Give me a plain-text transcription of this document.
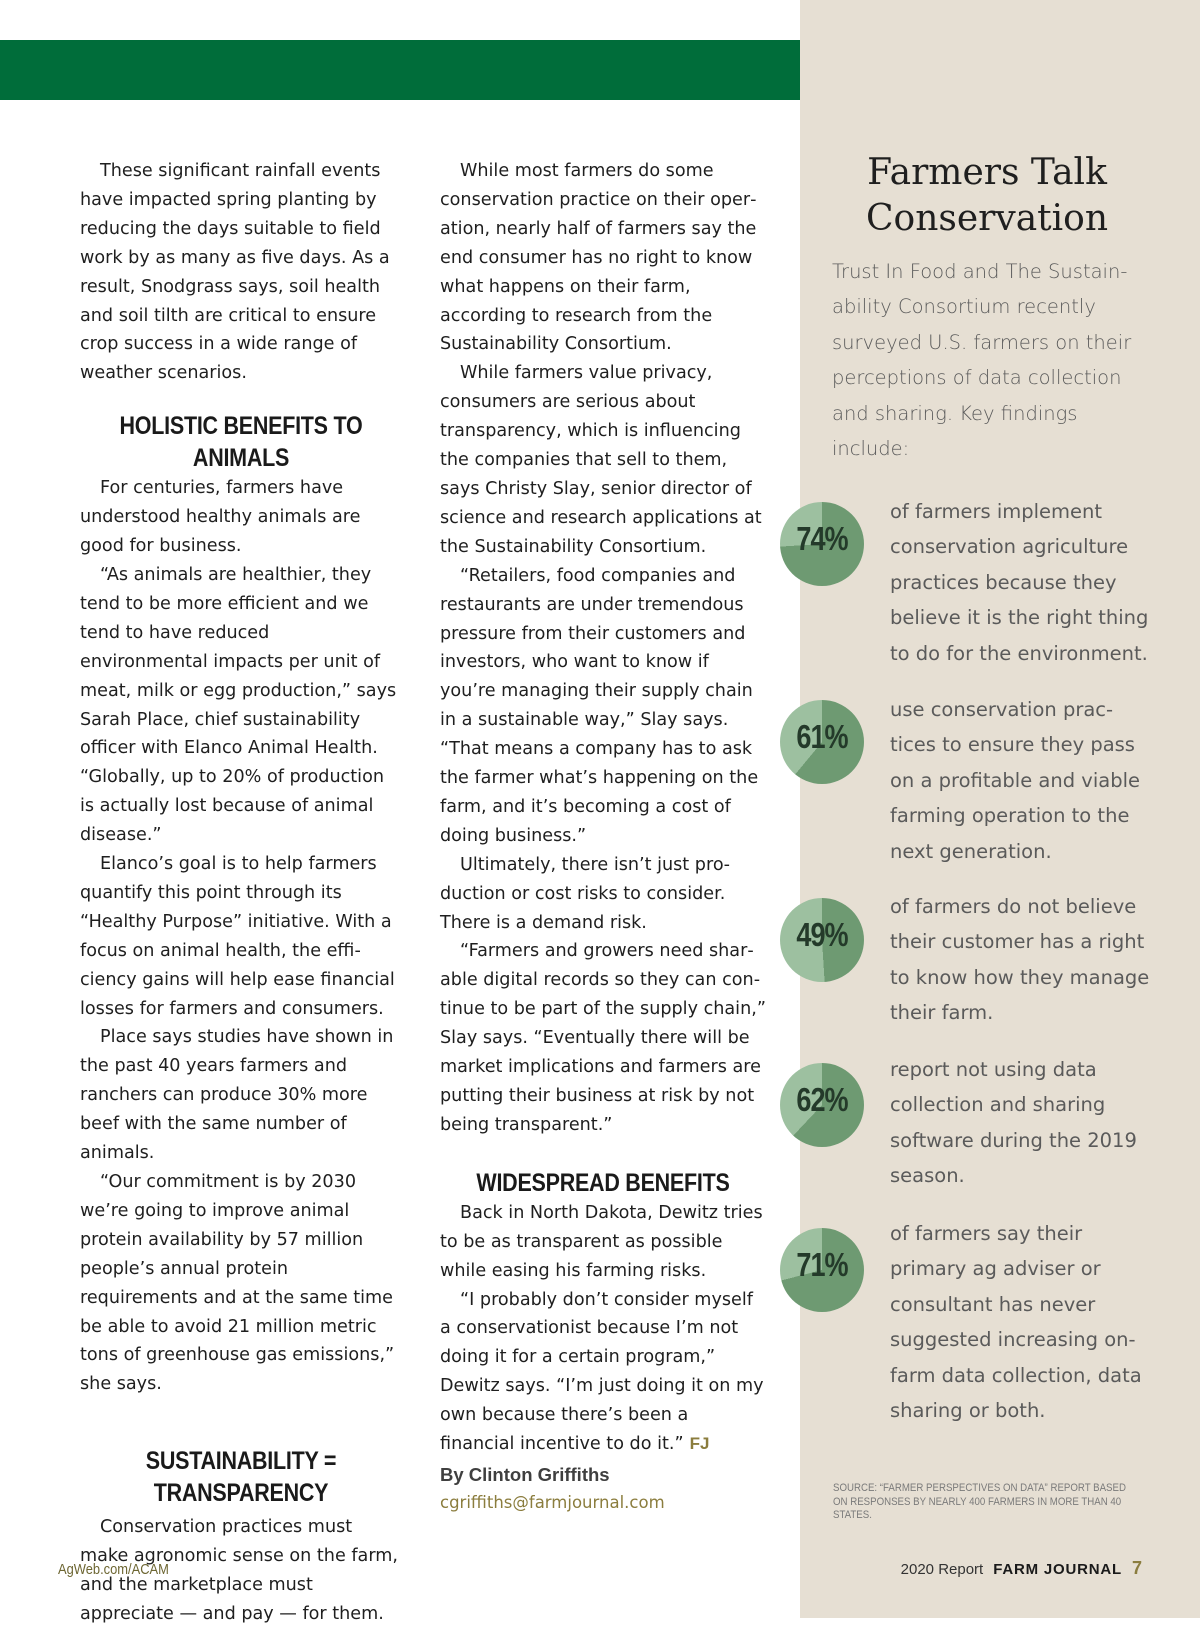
These significant rainfall events have impacted spring planting by reducing the days suitable to field work by as many as five days. As a result, Snodgrass says, soil health and soil tilth are critical to ensure crop success in a wide range of weather scenarios.

HOLISTIC BENEFITS TO ANIMALS

For centuries, farmers have understood healthy animals are good for business.

“As animals are healthier, they tend to be more efficient and we tend to have reduced environmental impacts per unit of meat, milk or egg production,” says Sarah Place, chief sustainability officer with Elanco Animal Health. “Globally, up to 20% of production is actually lost because of animal disease.”

Elanco’s goal is to help farmers quantify this point through its “Healthy Purpose” initiative. With a focus on animal health, the efficiency gains will help ease financial losses for farmers and consumers.

Place says studies have shown in the past 40 years farmers and ranchers can produce 30% more beef with the same number of animals.

“Our commitment is by 2030 we’re going to improve animal protein availability by 57 million people’s annual protein requirements and at the same time be able to avoid 21 million metric tons of greenhouse gas emissions,” she says.

SUSTAINABILITY =
TRANSPARENCY

Conservation practices must make agronomic sense on the farm, and the marketplace must appreciate — and pay — for them.

While most farmers do some conservation practice on their operation, nearly half of farmers say the end consumer has no right to know what happens on their farm, according to research from the Sustainability Consortium.

While farmers value privacy, consumers are serious about transparency, which is influencing the companies that sell to them, says Christy Slay, senior director of science and research applications at the Sustainability Consortium.

“Retailers, food companies and restaurants are under tremendous pressure from their customers and investors, who want to know if you’re managing their supply chain in a sustainable way,” Slay says. “That means a company has to ask the farmer what’s happening on the farm, and it’s becoming a cost of doing business.”

Ultimately, there isn’t just production or cost risks to consider. There is a demand risk.

“Farmers and growers need sharable digital records so they can continue to be part of the supply chain,” Slay says. “Eventually there will be market implications and farmers are putting their business at risk by not being transparent.”

WIDESPREAD BENEFITS

Back in North Dakota, Dewitz tries to be as transparent as possible while easing his farming risks.

“I probably don’t consider myself a conservationist because I’m not doing it for a certain program,” Dewitz says. “I’m just doing it on my own because there’s been a financial incentive to do it.” FJ

By Clinton Griffiths
cgriffiths@farmjournal.com
Farmers Talk
Conservation
Trust In Food and The Sustainability Consortium recently surveyed U.S. farmers on their perceptions of data collection and sharing. Key findings include:
74%
of farmers implement conservation agriculture practices because they believe it is the right thing to do for the environment.
61%
use conservation practices to ensure they pass on a profitable and viable farming operation to the next generation.
49%
of farmers do not believe their customer has a right to know how they manage their farm.
62%
report not using data collection and sharing software during the 2019 season.
71%
of farmers say their primary ag adviser or consultant has never suggested increasing on-farm data collection, data sharing or both.
SOURCE: “FARMER PERSPECTIVES ON DATA” REPORT BASED ON RESPONSES BY NEARLY 400 FARMERS IN MORE THAN 40 STATES.
AgWeb.com/ACAM	2020 Report FARM JOURNAL 7
